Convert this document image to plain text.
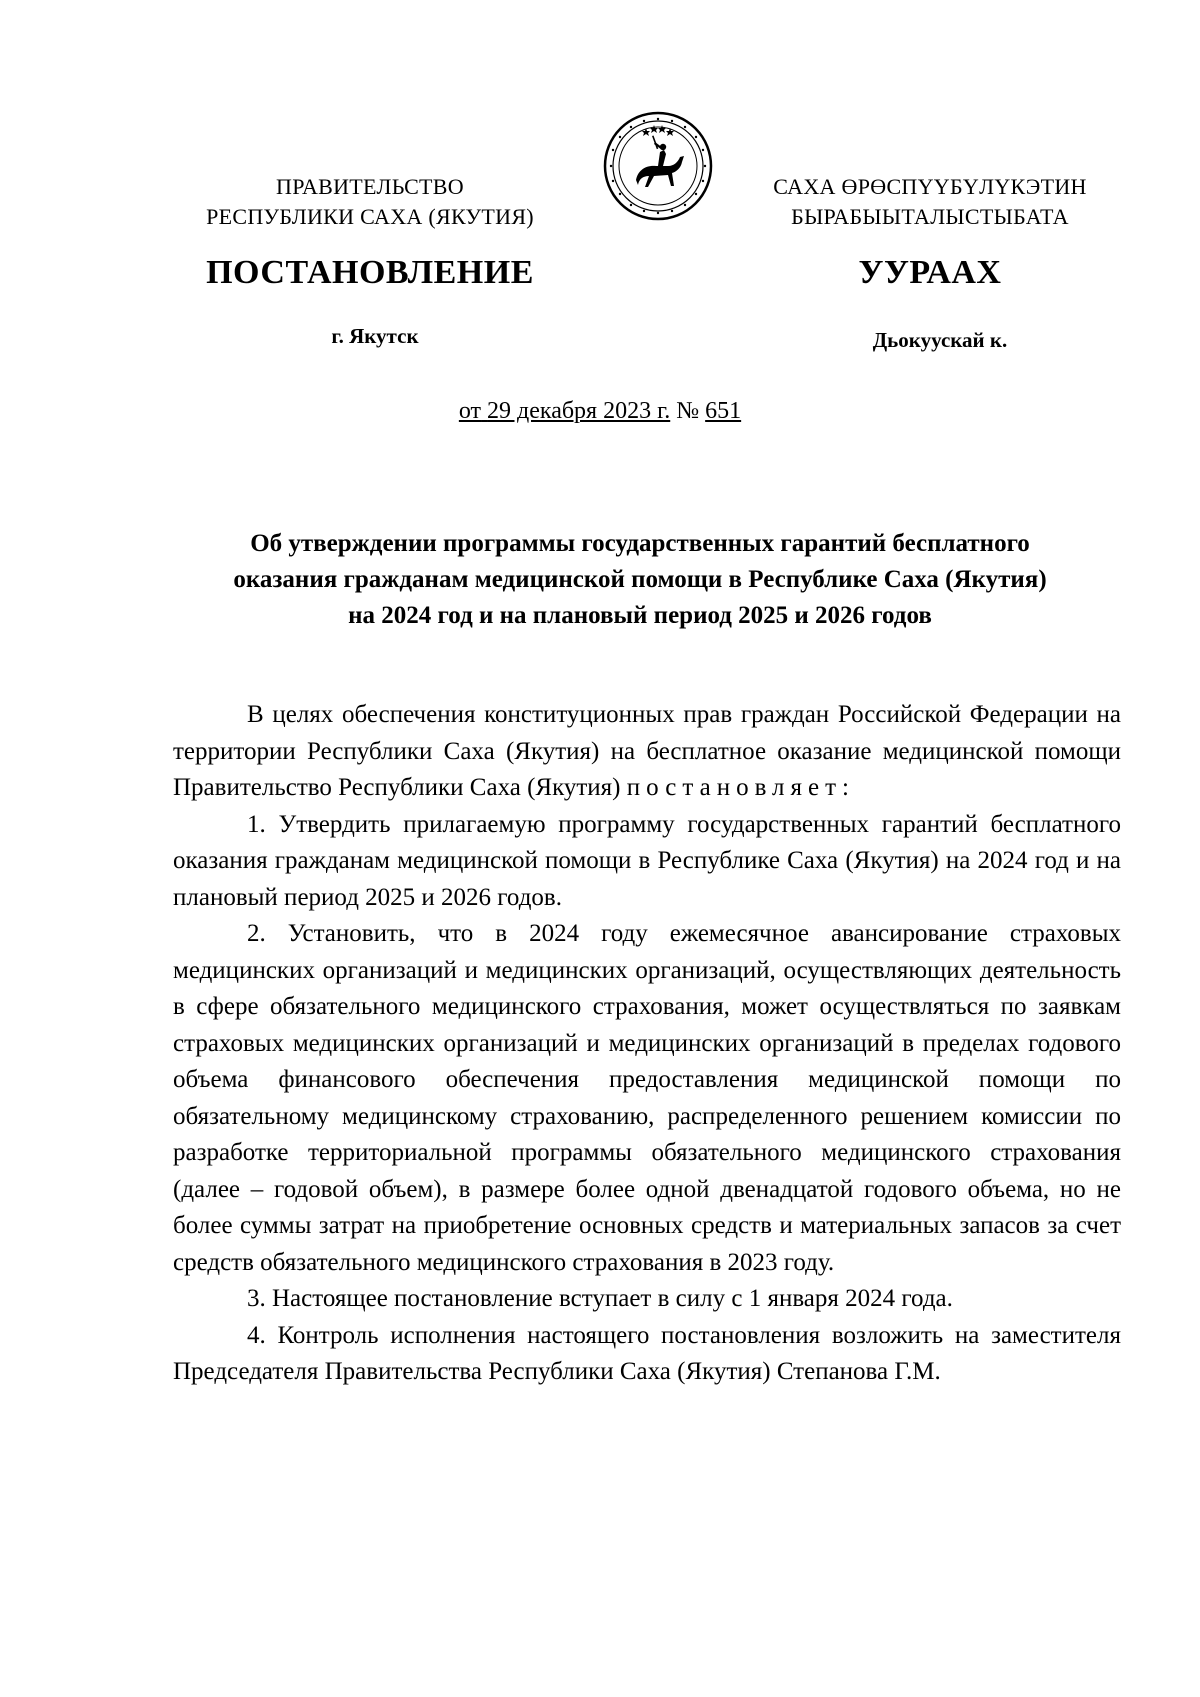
ПРАВИТЕЛЬСТВО
РЕСПУБЛИКИ САХА (ЯКУТИЯ)
САХА ӨРӨСПҮҮБҮЛҮКЭТИН
БЫРАБЫЫТАЛЫСТЫБАТА
ПОСТАНОВЛЕНИЕ	УУРААХ
г. Якутск	Дьокуускай к.
от 29 декабря 2023 г. № 651
Об утверждении программы государственных гарантий бесплатного
оказания гражданам медицинской помощи в Республике Саха (Якутия)
на 2024 год и на плановый период 2025 и 2026 годов

В целях обеспечения конституционных прав граждан Российской Федерации на территории Республики Саха (Якутия) на бесплатное оказание медицинской помощи Правительство Республики Саха (Якутия) постановляет:

1. Утвердить прилагаемую программу государственных гарантий бесплатного оказания гражданам медицинской помощи в Республике Саха (Якутия) на 2024 год и на плановый период 2025 и 2026 годов.

2. Установить, что в 2024 году ежемесячное авансирование страховых медицинских организаций и медицинских организаций, осуществляющих деятельность в сфере обязательного медицинского страхования, может осуществляться по заявкам страховых медицинских организаций и медицинских организаций в пределах годового объема финансового обеспечения предоставления медицинской помощи по обязательному медицинскому страхованию, распределенного решением комиссии по разработке территориальной программы обязательного медицинского страхования (далее – годовой объем), в размере более одной двенадцатой годового объема, но не более суммы затрат на приобретение основных средств и материальных запасов за счет средств обязательного медицинского страхования в 2023 году.

3. Настоящее постановление вступает в силу с 1 января 2024 года.

4. Контроль исполнения настоящего постановления возложить на заместителя Председателя Правительства Республики Саха (Якутия) Степанова Г.М.
